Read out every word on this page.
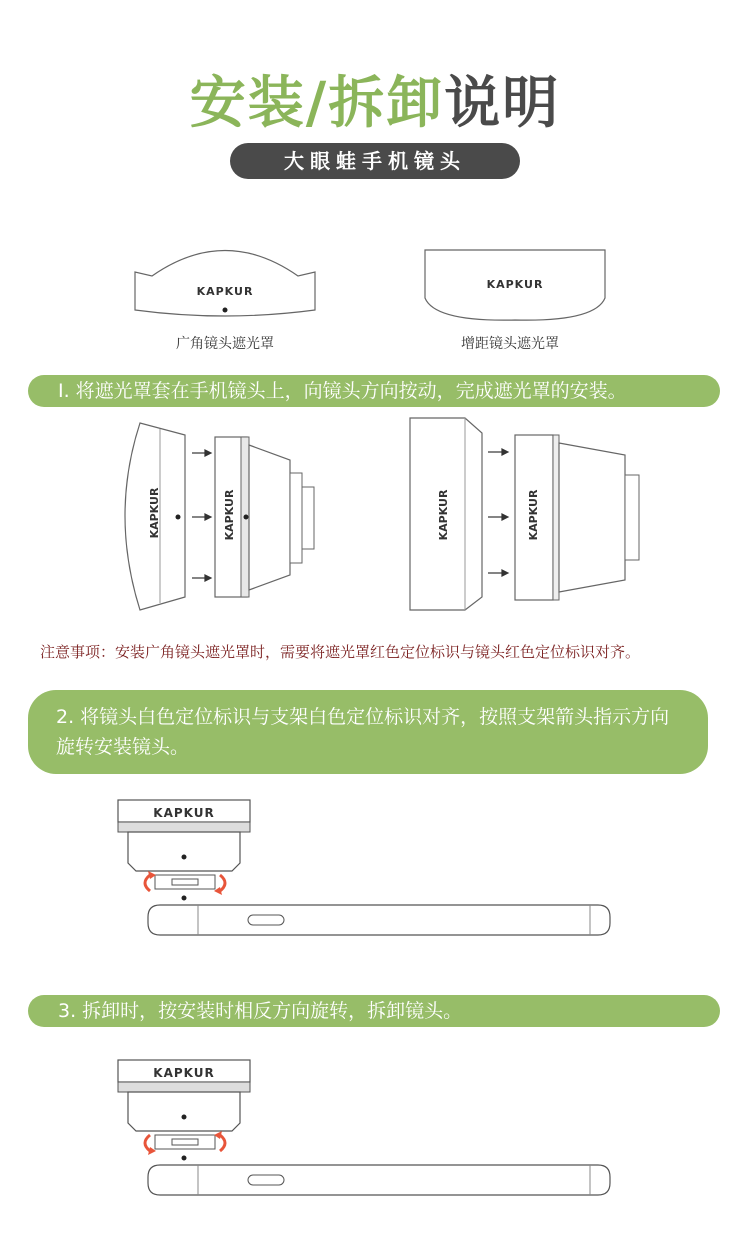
安装/拆卸说明
大眼蛙手机镜头
KAPKUR
KAPKUR
广角镜头遮光罩	增距镜头遮光罩
I. 将遮光罩套在手机镜头上，向镜头方向按动，完成遮光罩的安装。
KAPKUR	KAPKUR	KAPKUR	KAPKUR
注意事项：安装广角镜头遮光罩时，需要将遮光罩红色定位标识与镜头红色定位标识对齐。
2. 将镜头白色定位标识与支架白色定位标识对齐，按照支架箭头指示方向旋转安装镜头。
KAPKUR
3. 拆卸时，按安装时相反方向旋转，拆卸镜头。
KAPKUR
